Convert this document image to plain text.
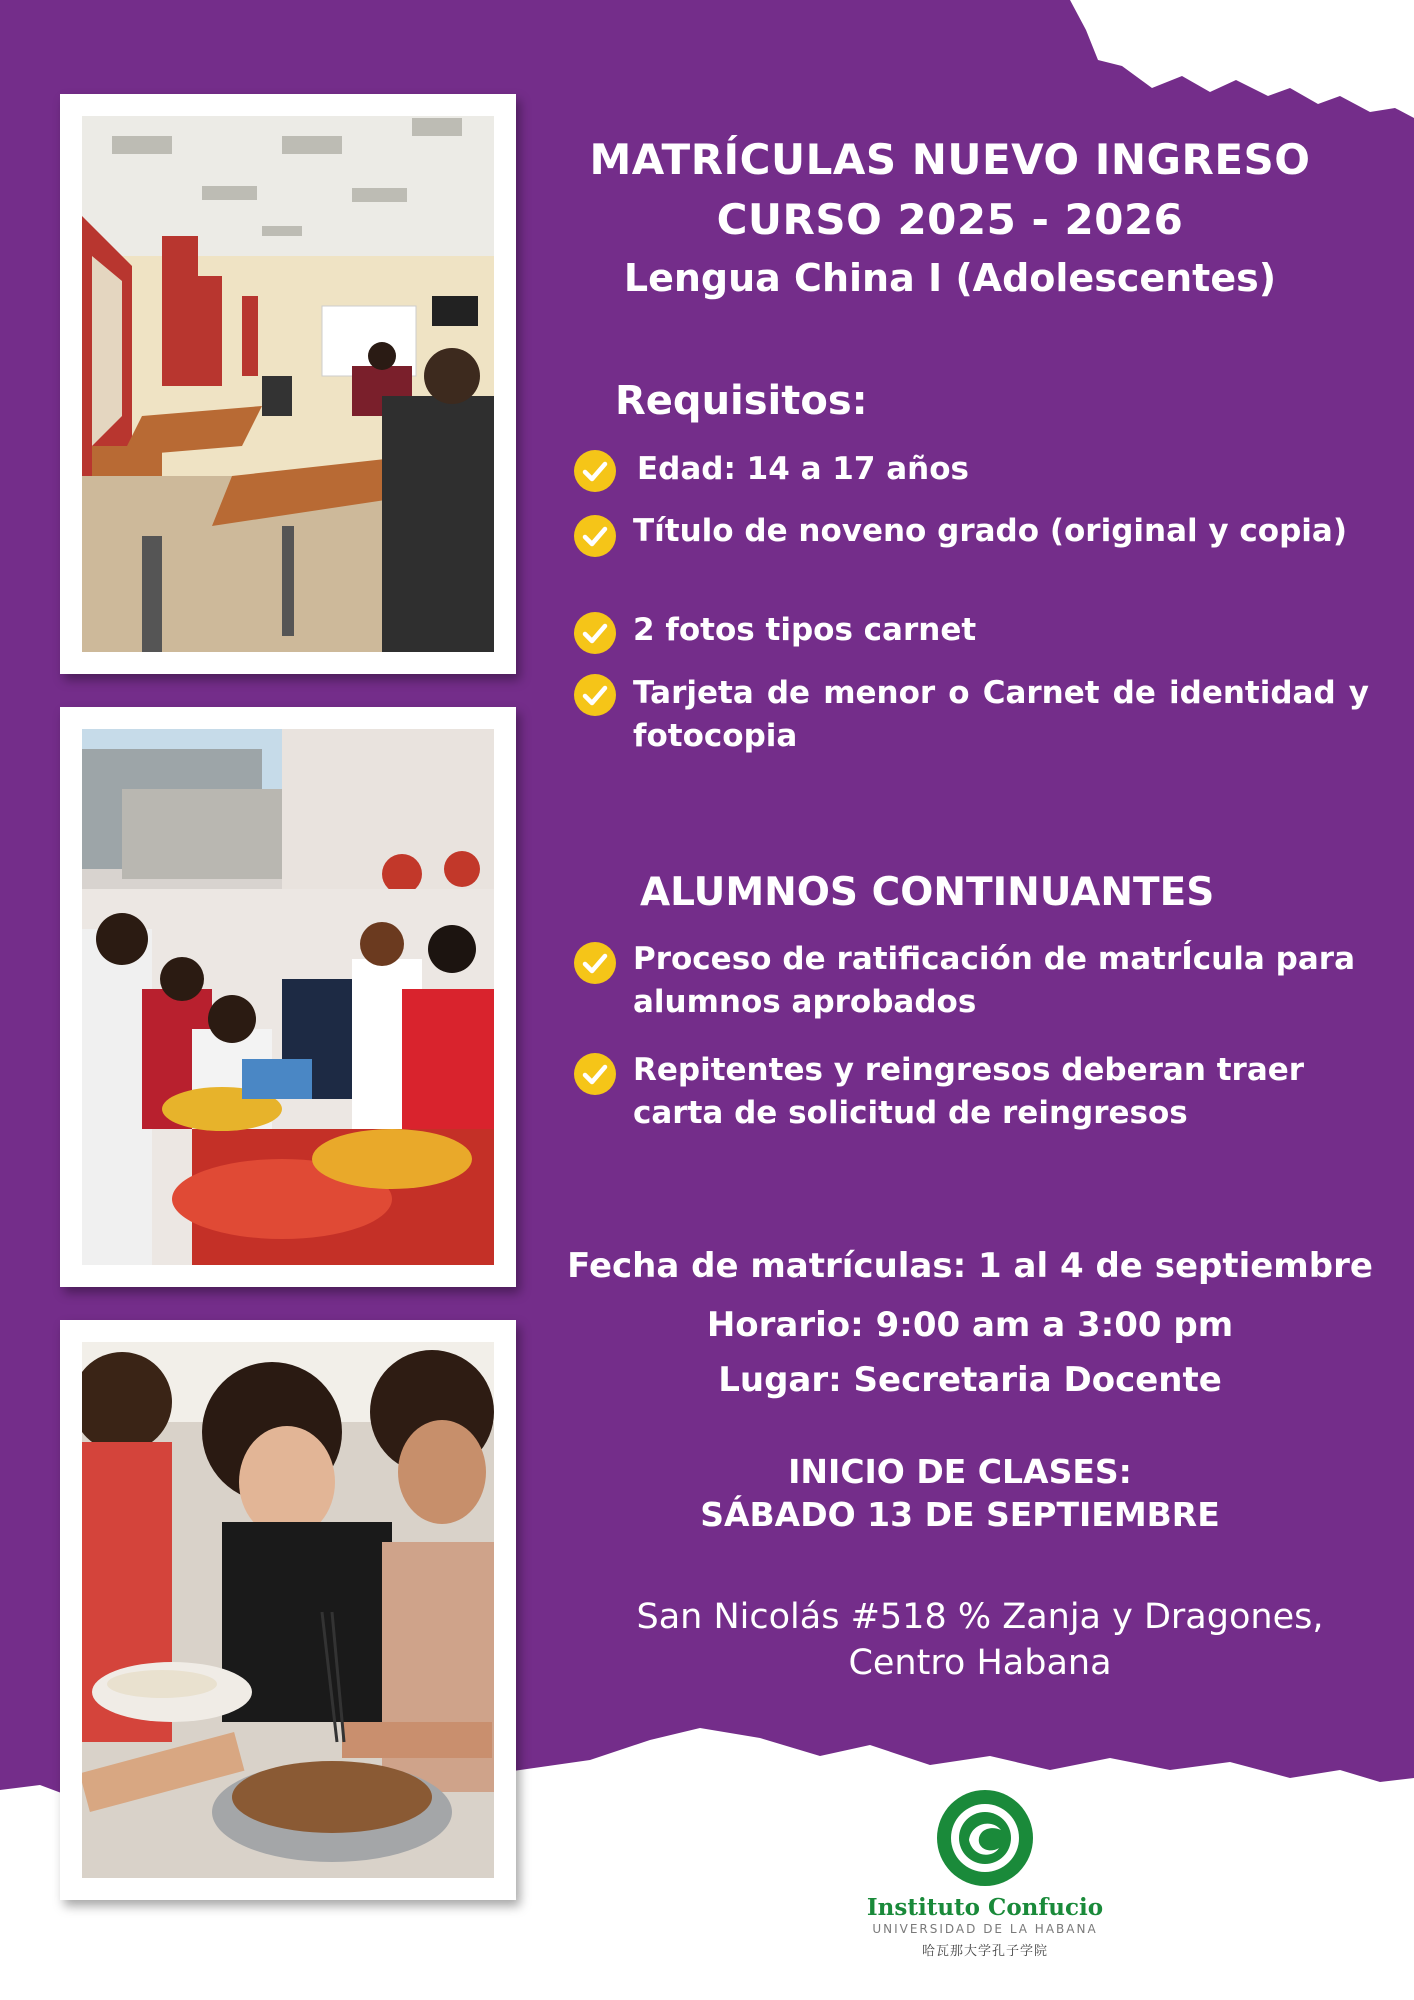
MATRÍCULAS NUEVO INGRESO
CURSO 2025 - 2026
Lengua China I (Adolescentes)
Requisitos:
Edad: 14 a 17 años
Título de noveno grado (original y copia)
2 fotos tipos carnet
Tarjeta de menor o Carnet de identidad y fotocopia
ALUMNOS CONTINUANTES
Proceso de ratificación de matrÍcula para alumnos aprobados
Repitentes y reingresos deberan traer carta de solicitud de reingresos
Fecha de matrículas: 1 al 4 de septiembre
Horario: 9:00 am a 3:00 pm
Lugar: Secretaria Docente
INICIO DE CLASES:
SÁBADO 13 DE SEPTIEMBRE
San Nicolás #518 % Zanja y Dragones,
Centro Habana
Instituto Confucio
UNIVERSIDAD DE LA HABANA
哈瓦那大学孔子学院
